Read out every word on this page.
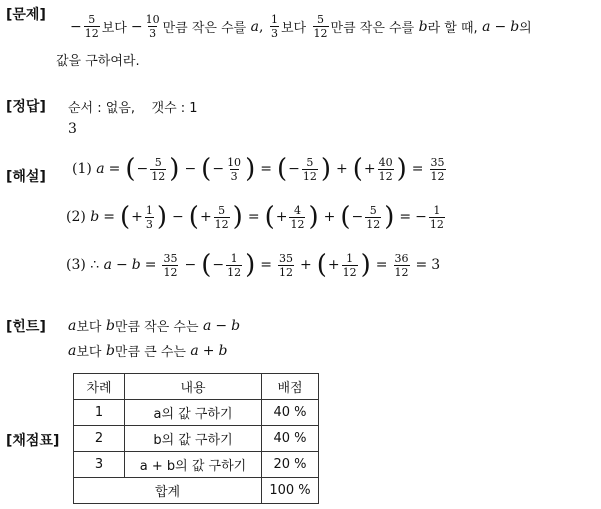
[문제]
[정답]
[해설]
[힌트]
[채점표]
− $\frac{5}{12}$ 보다 − $\frac{10}{3}$ 만큼 작은 수를
a , $\frac{1}{3}$ 보다
$\frac{5}{12}$ 만큼 작은 수를
b 라 할 때,
a − b 의
값을 구하여라.
순서 : 없음,
갯수 : 1
3
(1)
a = ( − $\frac{5}{12}$ ) − ( − $\frac{10}{3}$ ) = ( − $\frac{5}{12}$ ) + ( + $\frac{40}{12}$ ) = $\frac{35}{12}$
(2)
b = ( + $\frac{1}{3}$ ) − ( + $\frac{5}{12}$ ) = ( + $\frac{4}{12}$ ) + ( − $\frac{5}{12}$ ) = − $\frac{1}{12}$
(3)
∴
$a - b = \frac{35}{12}$ − ( − $\frac{1}{12}$ ) = $\frac{35}{12}$ + ( + $\frac{1}{12}$ ) = $\frac{36}{12} = 3$
a 보다
b 만큼 작은 수는
a − b
a 보다
b 만큼 큰 수는
a + b
차례	내용	배점
1	a의 값 구하기	40 %
2	b의 값 구하기	40 %
3	a + b의 값 구하기	20 %
합계		100 %
